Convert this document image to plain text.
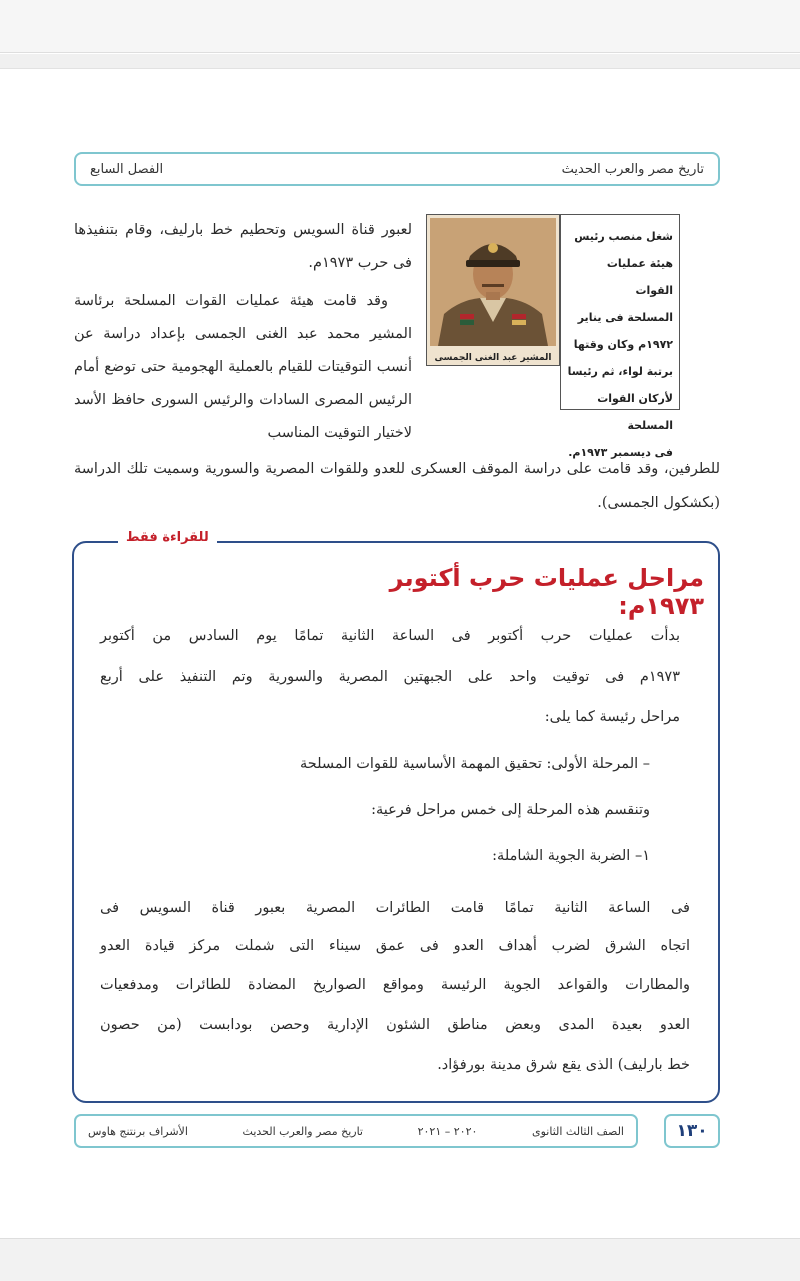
تاريخ مصر والعرب الحديث
الفصل السابع
المشير عبد الغنى الجمسى

شغل منصب رئيس

هيئة عمليات القوات

المسلحة فى يناير

١٩٧٢م وكان وقتها

برتبة لواء، ثم رئيسا

لأركان القوات المسلحة

فى ديسمبر ١٩٧٣م.

لعبور قناة السويس وتحطيم خط بارليف، وقام بتنفيذها فى حرب ١٩٧٣م.

وقد قامت هيئة عمليات القوات المسلحة برئاسة المشير محمد عبد الغنى الجمسى بإعداد دراسة عن أنسب التوقيتات للقيام بالعملية الهجومية حتى توضع أمام الرئيس المصرى السادات والرئيس السورى حافظ الأسد لاختيار التوقيت المناسب

للطرفين، وقد قامت على دراسة الموقف العسكرى للعدو وللقوات المصرية والسورية وسميت تلك الدراسة (بكشكول الجمسى).

للقراءة فقط
مراحل عمليات حرب أكتوبر ١٩٧٣م:

بدأت عمليات حرب أكتوبر فى الساعة الثانية تمامًا يوم السادس من أكتوبر

١٩٧٣م فى توقيت واحد على الجبهتين المصرية والسورية وتم التنفيذ على أربع

مراحل رئيسة كما يلى:

– المرحلة الأولى: تحقيق المهمة الأساسية للقوات المسلحة

وتنقسم هذه المرحلة إلى خمس مراحل فرعية:

١– الضربة الجوية الشاملة:

فى الساعة الثانية تمامًا قامت الطائرات المصرية بعبور قناة السويس فى

اتجاه الشرق لضرب أهداف العدو فى عمق سيناء التى شملت مركز قيادة العدو

والمطارات والقواعد الجوية الرئيسة ومواقع الصواريخ المضادة للطائرات ومدفعيات

العدو بعيدة المدى وبعض مناطق الشئون الإدارية وحصن بودابست (من حصون

خط بارليف) الذى يقع شرق مدينة بورفؤاد.

الصف الثالث الثانوى
٢٠٢٠ – ٢٠٢١
تاريخ مصر والعرب الحديث
الأشراف برنتنج هاوس	١٣٠
